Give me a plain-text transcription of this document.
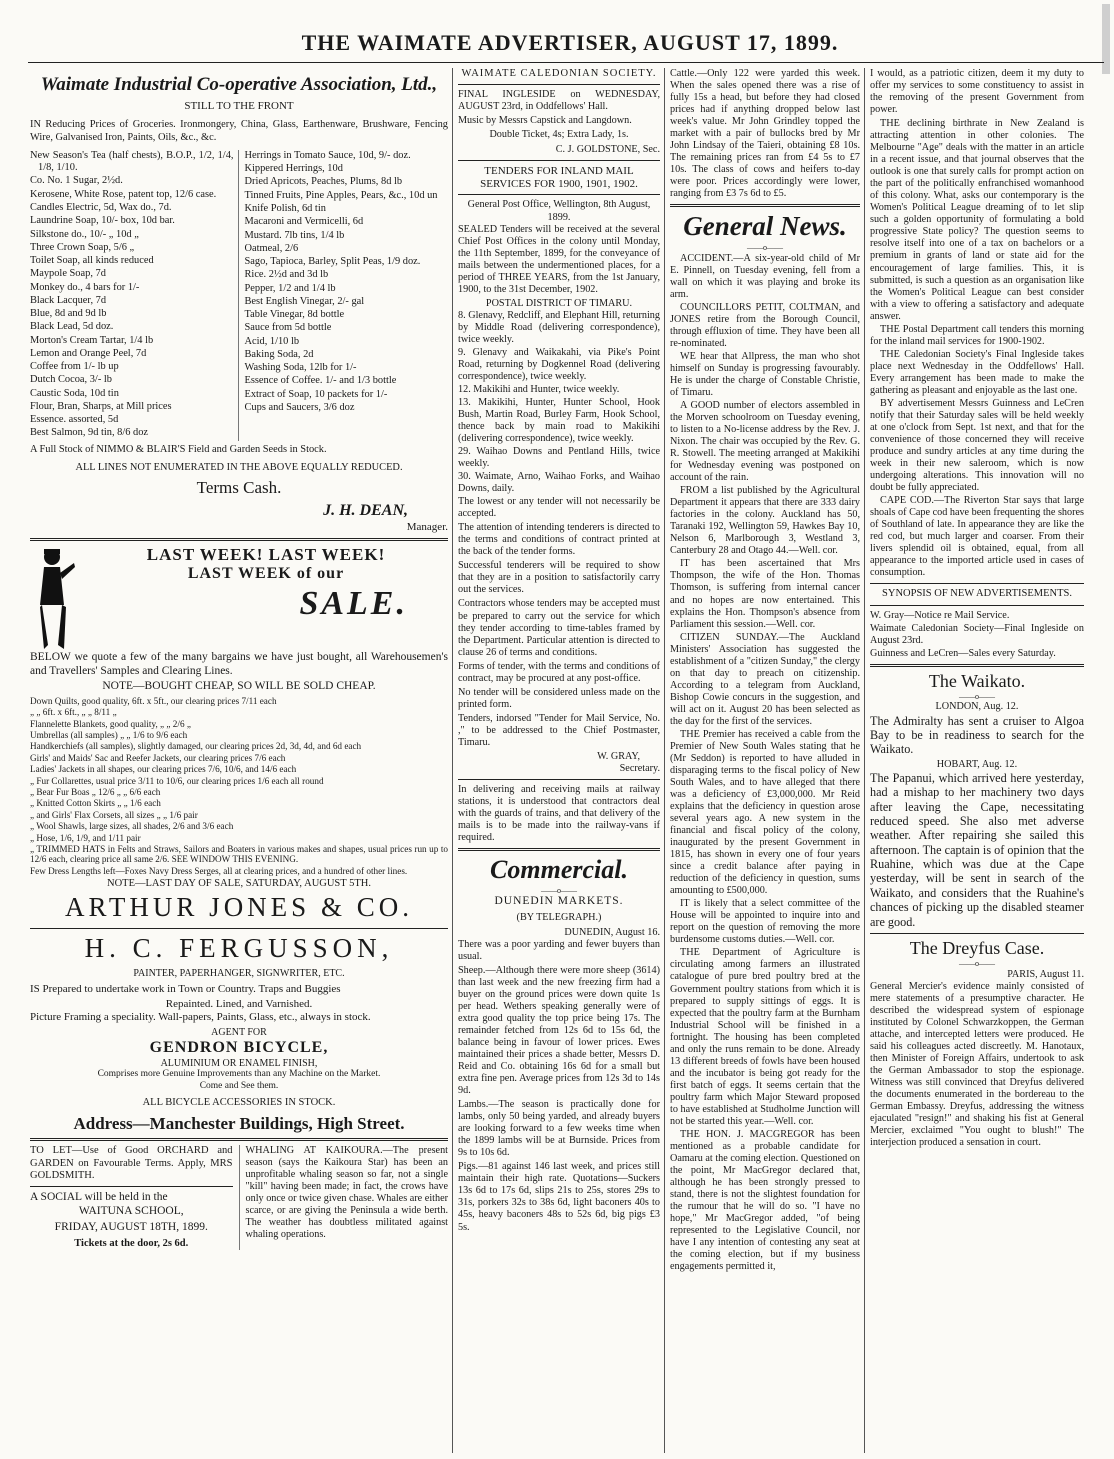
THE WAIMATE ADVERTISER, AUGUST 17, 1899.
Waimate Industrial Co-operative Association, Ltd.,
STILL TO THE FRONT

IN Reducing Prices of Groceries. Ironmongery, China, Glass, Earthenware, Brushware, Fencing Wire, Galvanised Iron, Paints, Oils, &c., &c.

New Season's Tea (half chests), B.O.P., 1/2, 1/4, 1/8, 1/10.
Co. No. 1 Sugar, 2½d.
Kerosene, White Rose, patent top, 12/6 case.
Candles Electric, 5d, Wax do., 7d.
Laundrine Soap, 10/- box, 10d bar.
Silkstone do., 10/- „ 10d „
Three Crown Soap, 5/6 „
Toilet Soap, all kinds reduced
Maypole Soap, 7d
Monkey do., 4 bars for 1/-
Black Lacquer, 7d
Blue, 8d and 9d lb
Black Lead, 5d doz.
Morton's Cream Tartar, 1/4 lb
Lemon and Orange Peel, 7d
Coffee from 1/- lb up
Dutch Cocoa, 3/- lb
Caustic Soda, 10d tin
Flour, Bran, Sharps, at Mill prices
Essence. assorted, 5d
Best Salmon, 9d tin, 8/6 doz
Herrings in Tomato Sauce, 10d, 9/- doz.
Kippered Herrings, 10d
Dried Apricots, Peaches, Plums, 8d lb
Tinned Fruits, Pine Apples, Pears, &c., 10d un
Knife Polish, 6d tin
Macaroni and Vermicelli, 6d
Mustard. 7lb tins, 1/4 lb
Oatmeal, 2/6
Sago, Tapioca, Barley, Split Peas, 1/9 doz.
Rice. 2½d and 3d lb
Pepper, 1/2 and 1/4 lb
Best English Vinegar, 2/- gal
Table Vinegar, 8d bottle
Sauce from 5d bottle
Acid, 1/10 lb
Baking Soda, 2d
Washing Soda, 12lb for 1/-
Essence of Coffee. 1/- and 1/3 bottle
Extract of Soap, 10 packets for 1/-
Cups and Saucers, 3/6 doz

A Full Stock of NIMMO & BLAIR'S Field and Garden Seeds in Stock.

ALL LINES NOT ENUMERATED IN THE ABOVE EQUALLY REDUCED.
Terms Cash.
J. H. DEAN,
Manager.
LAST WEEK! LAST WEEK!
LAST WEEK of our
SALE.

BELOW we quote a few of the many bargains we have just bought, all Warehousemen's and Travellers' Samples and Clearing Lines.

NOTE—BOUGHT CHEAP, SO WILL BE SOLD CHEAP.
Down Quilts, good quality, 6ft. x 5ft., our clearing prices 7/11 each
„ „ 6ft. x 6ft., „ „ 8/11 „
Flannelette Blankets, good quality, „ „ 2/6 „
Umbrellas (all samples) „ „ 1/6 to 9/6 each
Handkerchiefs (all samples), slightly damaged, our clearing prices 2d, 3d, 4d, and 6d each
Girls' and Maids' Sac and Reefer Jackets, our clearing prices 7/6 each
Ladies' Jackets in all shapes, our clearing prices 7/6, 10/6, and 14/6 each
„ Fur Collarettes, usual price 3/11 to 10/6, our clearing prices 1/6 each all round
„ Bear Fur Boas „ 12/6 „ „ 6/6 each
„ Knitted Cotton Skirts „ „ 1/6 each
„ and Girls' Flax Corsets, all sizes „ „ 1/6 pair
„ Wool Shawls, large sizes, all shades, 2/6 and 3/6 each
„ Hose, 1/6, 1/9, and 1/11 pair
„ TRIMMED HATS in Felts and Straws, Sailors and Boaters in various makes and shapes, usual prices run up to 12/6 each, clearing price all same 2/6. SEE WINDOW THIS EVENING.
Few Dress Lengths left—Foxes Navy Dress Serges, all at clearing prices, and a hundred of other lines.
NOTE—LAST DAY OF SALE, SATURDAY, AUGUST 5TH.
ARTHUR JONES & CO.
H. C. FERGUSSON,
PAINTER, PAPERHANGER, SIGNWRITER, ETC.

IS Prepared to undertake work in Town or Country. Traps and Buggies

Repainted. Lined, and Varnished.

Picture Framing a speciality. Wall-papers, Paints, Glass, etc., always in stock.

AGENT FOR
GENDRON BICYCLE,
ALUMINIUM OR ENAMEL FINISH,
Comprises more Genuine Improvements than any Machine on the Market. Come and See them.
ALL BICYCLE ACCESSORIES IN STOCK.
Address—Manchester Buildings, High Street.

TO LET—Use of Good ORCHARD and GARDEN on Favourable Terms. Apply, MRS GOLDSMITH.

A SOCIAL will be held in the
WAITUNA SCHOOL,
FRIDAY, AUGUST 18TH, 1899.
Tickets at the door, 2s 6d.

WHALING AT KAIKOURA.—The present season (says the Kaikoura Star) has been an unprofitable whaling season so far, not a single "kill" having been made; in fact, the crows have only once or twice given chase. Whales are either scarce, or are giving the Peninsula a wide berth. The weather has doubtless militated against whaling operations.

WAIMATE CALEDONIAN SOCIETY.

FINAL INGLESIDE on WEDNESDAY, AUGUST 23rd, in Oddfellows' Hall.

Music by Messrs Capstick and Langdown.

Double Ticket, 4s; Extra Lady, 1s.

C. J. GOLDSTONE, Sec.
TENDERS FOR INLAND MAIL SERVICES FOR 1900, 1901, 1902.
General Post Office, Wellington, 8th August, 1899.

SEALED Tenders will be received at the several Chief Post Offices in the colony until Monday, the 11th September, 1899, for the conveyance of mails between the undermentioned places, for a period of THREE YEARS, from the 1st January, 1900, to the 31st December, 1902.

POSTAL DISTRICT OF TIMARU.
8. Glenavy, Redcliff, and Elephant Hill, returning by Middle Road (delivering correspondence), twice weekly.
9. Glenavy and Waikakahi, via Pike's Point Road, returning by Dogkennel Road (delivering correspondence), twice weekly.
12. Makikihi and Hunter, twice weekly.
13. Makikihi, Hunter, Hunter School, Hook Bush, Martin Road, Burley Farm, Hook School, thence back by main road to Makikihi (delivering correspondence), twice weekly.
29. Waihao Downs and Pentland Hills, twice weekly.
30. Waimate, Arno, Waihao Forks, and Waihao Downs, daily.

The lowest or any tender will not necessarily be accepted.

The attention of intending tenderers is directed to the terms and conditions of contract printed at the back of the tender forms.

Successful tenderers will be required to show that they are in a position to satisfactorily carry out the services.

Contractors whose tenders may be accepted must be prepared to carry out the service for which they tender according to time-tables framed by the Department. Particular attention is directed to clause 26 of terms and conditions.

Forms of tender, with the terms and conditions of contract, may be procured at any post-office.

No tender will be considered unless made on the printed form.

Tenders, indorsed "Tender for Mail Service, No. ," to be addressed to the Chief Postmaster, Timaru.

W. GRAY,
Secretary.

In delivering and receiving mails at railway stations, it is understood that contractors deal with the guards of trains, and that delivery of the mails is to be made into the railway-vans if required.

Commercial.
——o——
DUNEDIN MARKETS.
(BY TELEGRAPH.)
DUNEDIN, August 16.

There was a poor yarding and fewer buyers than usual.

Sheep.—Although there were more sheep (3614) than last week and the new freezing firm had a buyer on the ground prices were down quite 1s per head. Wethers speaking generally were of extra good quality the top price being 17s. The remainder fetched from 12s 6d to 15s 6d, the balance being in favour of lower prices. Ewes maintained their prices a shade better, Messrs D. Reid and Co. obtaining 16s 6d for a small but extra fine pen. Average prices from 12s 3d to 14s 9d.

Lambs.—The season is practically done for lambs, only 50 being yarded, and already buyers are looking forward to a few weeks time when the 1899 lambs will be at Burnside. Prices from 9s to 10s 6d.

Pigs.—81 against 146 last week, and prices still maintain their high rate. Quotations—Suckers 13s 6d to 17s 6d, slips 21s to 25s, stores 29s to 31s, porkers 32s to 38s 6d, light baconers 40s to 45s, heavy baconers 48s to 52s 6d, big pigs £3 5s.

Cattle.—Only 122 were yarded this week. When the sales opened there was a rise of fully 15s a head, but before they had closed prices had if anything dropped below last week's value. Mr John Grindley topped the market with a pair of bullocks bred by Mr John Lindsay of the Taieri, obtaining £8 10s. The remaining prices ran from £4 5s to £7 10s. The class of cows and heifers to-day were poor. Prices accordingly were lower, ranging from £3 7s 6d to £5.

General News.
——o——
ACCIDENT.—A six-year-old child of Mr E. Pinnell, on Tuesday evening, fell from a wall on which it was playing and broke its arm.
COUNCILLORS PETIT, COLTMAN, and JONES retire from the Borough Council, through effluxion of time. They have been all re-nominated.
WE hear that Allpress, the man who shot himself on Sunday is progressing favourably. He is under the charge of Constable Christie, of Timaru.
A GOOD number of electors assembled in the Morven schoolroom on Tuesday evening, to listen to a No-license address by the Rev. J. Nixon. The chair was occupied by the Rev. G. R. Stowell. The meeting arranged at Makikihi for Wednesday evening was postponed on account of the rain.
FROM a list published by the Agricultural Department it appears that there are 333 dairy factories in the colony. Auckland has 50, Taranaki 192, Wellington 59, Hawkes Bay 10, Nelson 6, Marlborough 3, Westland 3, Canterbury 28 and Otago 44.—Well. cor.
IT has been ascertained that Mrs Thompson, the wife of the Hon. Thomas Thomson, is suffering from internal cancer and no hopes are now entertained. This explains the Hon. Thompson's absence from Parliament this session.—Well. cor.
CITIZEN SUNDAY.—The Auckland Ministers' Association has suggested the establishment of a "citizen Sunday," the clergy on that day to preach on citizenship. According to a telegram from Auckland, Bishop Cowie concurs in the suggestion, and will act on it. August 20 has been selected as the day for the first of the services.
THE Premier has received a cable from the Premier of New South Wales stating that he (Mr Seddon) is reported to have alluded in disparaging terms to the fiscal policy of New South Wales, and to have alleged that there was a deficiency of £3,000,000. Mr Reid explains that the deficiency in question arose several years ago. A new system in the financial and fiscal policy of the colony, inaugurated by the present Government in 1815, has shown in every one of four years since a credit balance after paying in reduction of the deficiency in question, sums amounting to £500,000.
IT is likely that a select committee of the House will be appointed to inquire into and report on the question of removing the more burdensome customs duties.—Well. cor.
THE Department of Agriculture is circulating among farmers an illustrated catalogue of pure bred poultry bred at the Government poultry stations from which it is prepared to supply sittings of eggs. It is expected that the poultry farm at the Burnham Industrial School will be finished in a fortnight. The housing has been completed and only the runs remain to be done. Already 13 different breeds of fowls have been housed and the incubator is being got ready for the first batch of eggs. It seems certain that the poultry farm which Major Steward proposed to have established at Studholme Junction will not be started this year.—Well. cor.
THE HON. J. MACGREGOR has been mentioned as a probable candidate for Oamaru at the coming election. Questioned on the point, Mr MacGregor declared that, although he has been strongly pressed to stand, there is not the slightest foundation for the rumour that he will do so. "I have no hope," Mr MacGregor added, "of being represented to the Legislative Council, nor have I any intention of contesting any seat at the coming election, but if my business engagements permitted it,

I would, as a patriotic citizen, deem it my duty to offer my services to some constituency to assist in the removing of the present Government from power.

THE declining birthrate in New Zealand is attracting attention in other colonies. The Melbourne "Age" deals with the matter in an article in a recent issue, and that journal observes that the outlook is one that surely calls for prompt action on the part of the politically enfranchised womanhood of this colony. What, asks our contemporary is the Women's Political League dreaming of to let slip such a golden opportunity of formulating a bold progressive State policy? The question seems to resolve itself into one of a tax on bachelors or a premium in grants of land or state aid for the encouragement of large families. This, it is submitted, is such a question as an organisation like the Women's Political League can best consider with a view to offering a satisfactory and adequate answer.
THE Postal Department call tenders this morning for the inland mail services for 1900-1902.
THE Caledonian Society's Final Ingleside takes place next Wednesday in the Oddfellows' Hall. Every arrangement has been made to make the gathering as pleasant and enjoyable as the last one.
BY advertisement Messrs Guinness and LeCren notify that their Saturday sales will be held weekly at one o'clock from Sept. 1st next, and that for the convenience of those concerned they will receive produce and sundry articles at any time during the week in their new saleroom, which is now undergoing alterations. This innovation will no doubt be fully appreciated.
CAPE COD.—The Riverton Star says that large shoals of Cape cod have been frequenting the shores of Southland of late. In appearance they are like the red cod, but much larger and coarser. From their livers splendid oil is obtained, equal, from all appearance to the imported article used in cases of consumption.
SYNOPSIS OF NEW ADVERTISEMENTS.
W. Gray—Notice re Mail Service.
Waimate Caledonian Society—Final Ingleside on August 23rd.
Guinness and LeCren—Sales every Saturday.
The Waikato.
——o——
LONDON, Aug. 12.

The Admiralty has sent a cruiser to Algoa Bay to be in readiness to search for the Waikato.

HOBART, Aug. 12.

The Papanui, which arrived here yesterday, had a mishap to her machinery two days after leaving the Cape, necessitating reduced speed. She also met adverse weather. After repairing she sailed this afternoon. The captain is of opinion that the Ruahine, which was due at the Cape yesterday, will be sent in search of the Waikato, and considers that the Ruahine's chances of picking up the disabled steamer are good.

The Dreyfus Case.
——o——
PARIS, August 11.

General Mercier's evidence mainly consisted of mere statements of a presumptive character. He described the widespread system of espionage instituted by Colonel Schwarzkoppen, the German attache, and intercepted letters were produced. He said his colleagues acted discreetly. M. Hanotaux, then Minister of Foreign Affairs, undertook to ask the German Ambassador to stop the espionage. Witness was still convinced that Dreyfus delivered the documents enumerated in the bordereau to the German Embassy. Dreyfus, addressing the witness ejaculated "resign!" and shaking his fist at General Mercier, exclaimed "You ought to blush!" The interjection produced a sensation in court.
